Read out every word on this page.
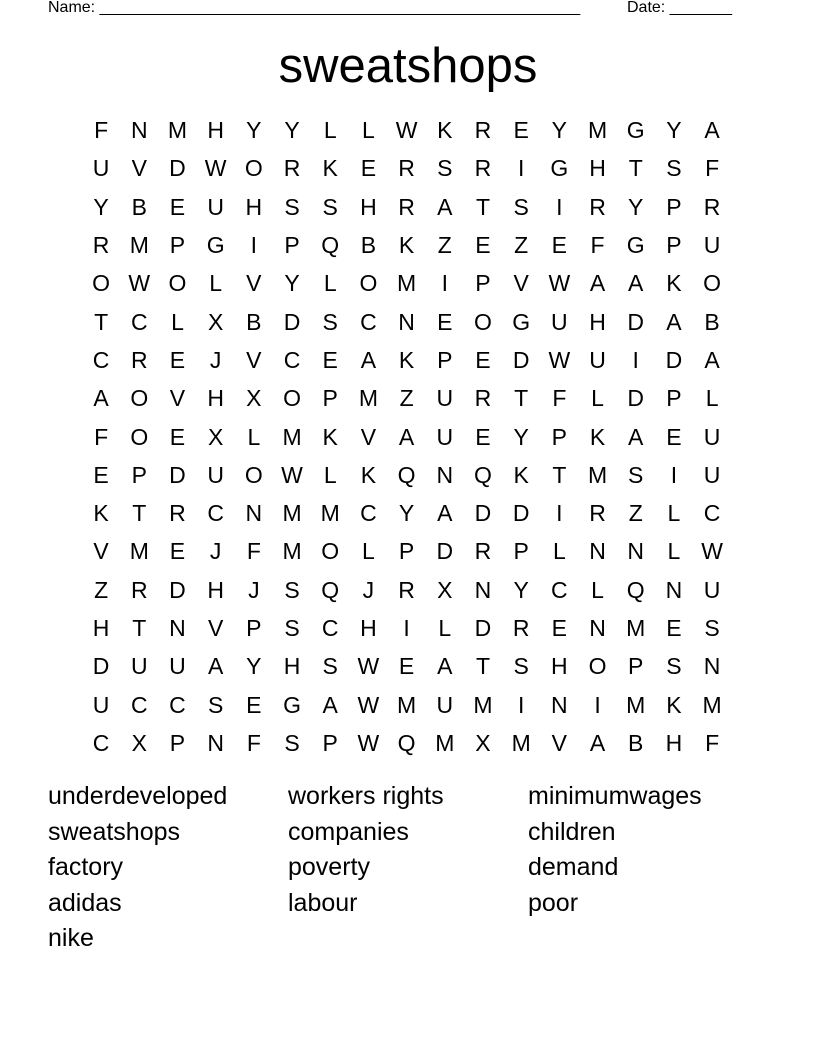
Name: ______________________________________________________	Date: _______
sweatshops
F N M H Y Y	L	L W K R E Y M G Y A
U V D W O R K E R S R	I	G H T	S	F
Y B E U H S S H R A	T	S	I	R Y P R
R M P G	I	P Q B K	Z	E	Z	E	F G P U
O W O L	V Y	L O M	I	P V W A A K O
T C	L	X B D S C N E O G U H D A B
C R E	J	V C E A K P E D W U	I	D A
A O V H X O P M Z U R T	F	L	D P	L
F O E X	L M K V A U E Y P K A E U
E P D U O W L	K Q N Q K	T M S	I	U
K	T R C N M M C Y A D D	I	R Z	L	C
V M E	J	F M O L	P D R P	L	N N	L W
Z R D H	J	S Q	J	R X N Y C	L Q N U
H T N V P S C H	I	L	D R E N M E S
D U U A Y H S W E A	T	S H O P S N
U C C S E G A W M U M	I	N	I	M K M
C X P N F	S P W Q M X M V A B H F
underdeveloped	workers rights	minimumwages
sweatshops	companies	children
factory	poverty	demand
adidas	labour	poor
nike
